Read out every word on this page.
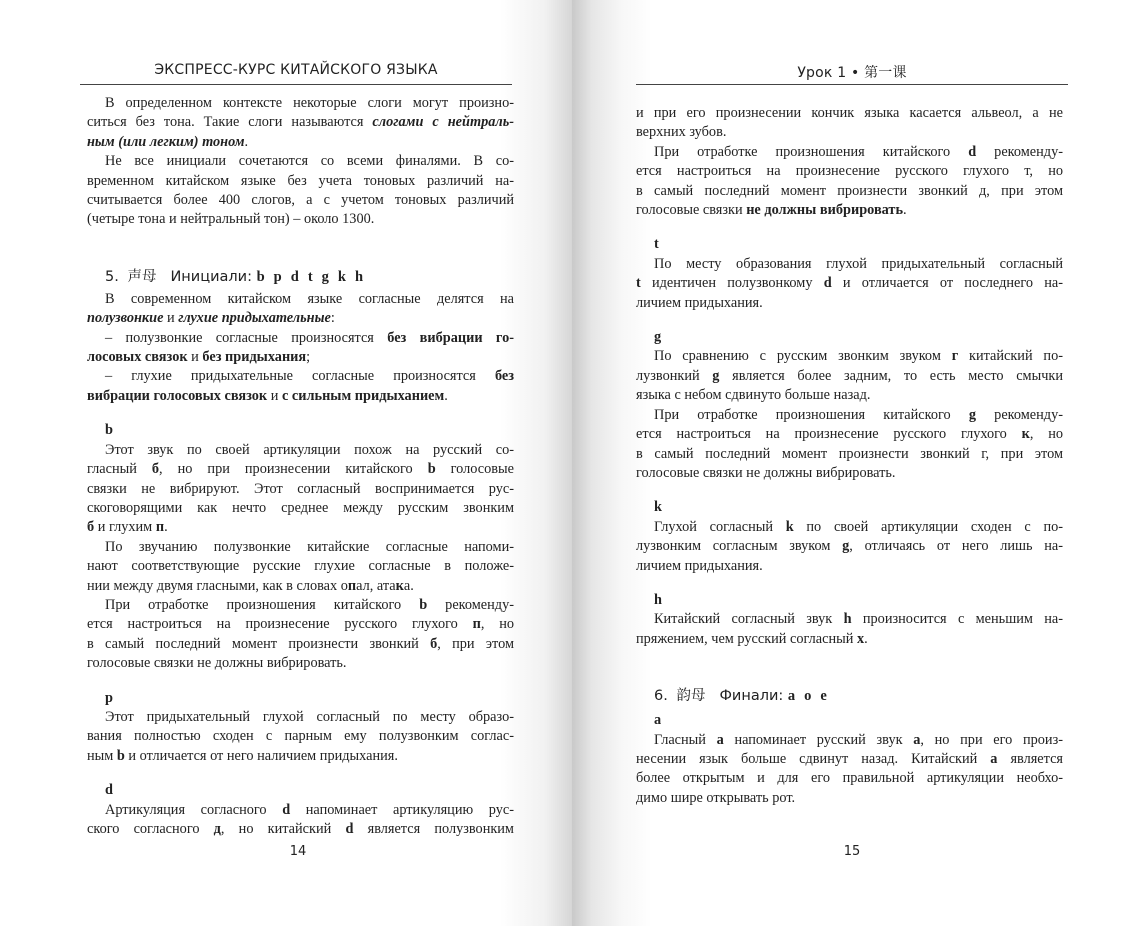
ЭКСПРЕСС-КУРС КИТАЙСКОГО ЯЗЫКА
В определенном контексте некоторые слоги могут произно-
ситься без тона. Такие слоги называются слогами с нейтраль-
ным (или легким) тоном.
Не все инициали сочетаются со всеми финалями. В со-
временном китайском языке без учета тоновых различий на-
считывается более 400 слогов, а с учетом тоновых различий
(четыре тона и нейтральный тон) – около 1300.
5. 声母 Инициали: b p d t g k h
В современном китайском языке согласные делятся на
полузвонкие и глухие придыхательные:
– полузвонкие согласные произносятся без вибрации го-
лосовых связок и без придыхания;
– глухие придыхательные согласные произносятся без
вибрации голосовых связок и с сильным придыханием.
b
Этот звук по своей артикуляции похож на русский со-
гласный б, но при произнесении китайского b голосовые
связки не вибрируют. Этот согласный воспринимается рус-
скоговорящими как нечто среднее между русским звонким
б и глухим п.
По звучанию полузвонкие китайские согласные напоми-
нают соответствующие русские глухие согласные в положе-
нии между двумя гласными, как в словах опал, атака.
При отработке произношения китайского b рекоменду-
ется настроиться на произнесение русского глухого п, но
в самый последний момент произнести звонкий б, при этом
голосовые связки не должны вибрировать.
p
Этот придыхательный глухой согласный по месту образо-
вания полностью сходен с парным ему полузвонким соглас-
ным b и отличается от него наличием придыхания.
d
Артикуляция согласного d напоминает артикуляцию рус-
ского согласного д, но китайский d является полузвонким
14
Урок 1 • 第一课
и при его произнесении кончик языка касается альвеол, а не
верхних зубов.
При отработке произношения китайского d рекоменду-
ется настроиться на произнесение русского глухого т, но
в самый последний момент произнести звонкий д, при этом
голосовые связки не должны вибрировать.
t
По месту образования глухой придыхательный согласный
t идентичен полузвонкому d и отличается от последнего на-
личием придыхания.
g
По сравнению с русским звонким звуком г китайский по-
лузвонкий g является более задним, то есть место смычки
языка с небом сдвинуто больше назад.
При отработке произношения китайского g рекоменду-
ется настроиться на произнесение русского глухого к, но
в самый последний момент произнести звонкий г, при этом
голосовые связки не должны вибрировать.
k
Глухой согласный k по своей артикуляции сходен с по-
лузвонким согласным звуком g, отличаясь от него лишь на-
личием придыхания.
h
Китайский согласный звук h произносится с меньшим на-
пряжением, чем русский согласный х.
6. 韵母 Финали: a o e
a
Гласный a напоминает русский звук а, но при его произ-
несении язык больше сдвинут назад. Китайский a является
более открытым и для его правильной артикуляции необхо-
димо шире открывать рот.
15
